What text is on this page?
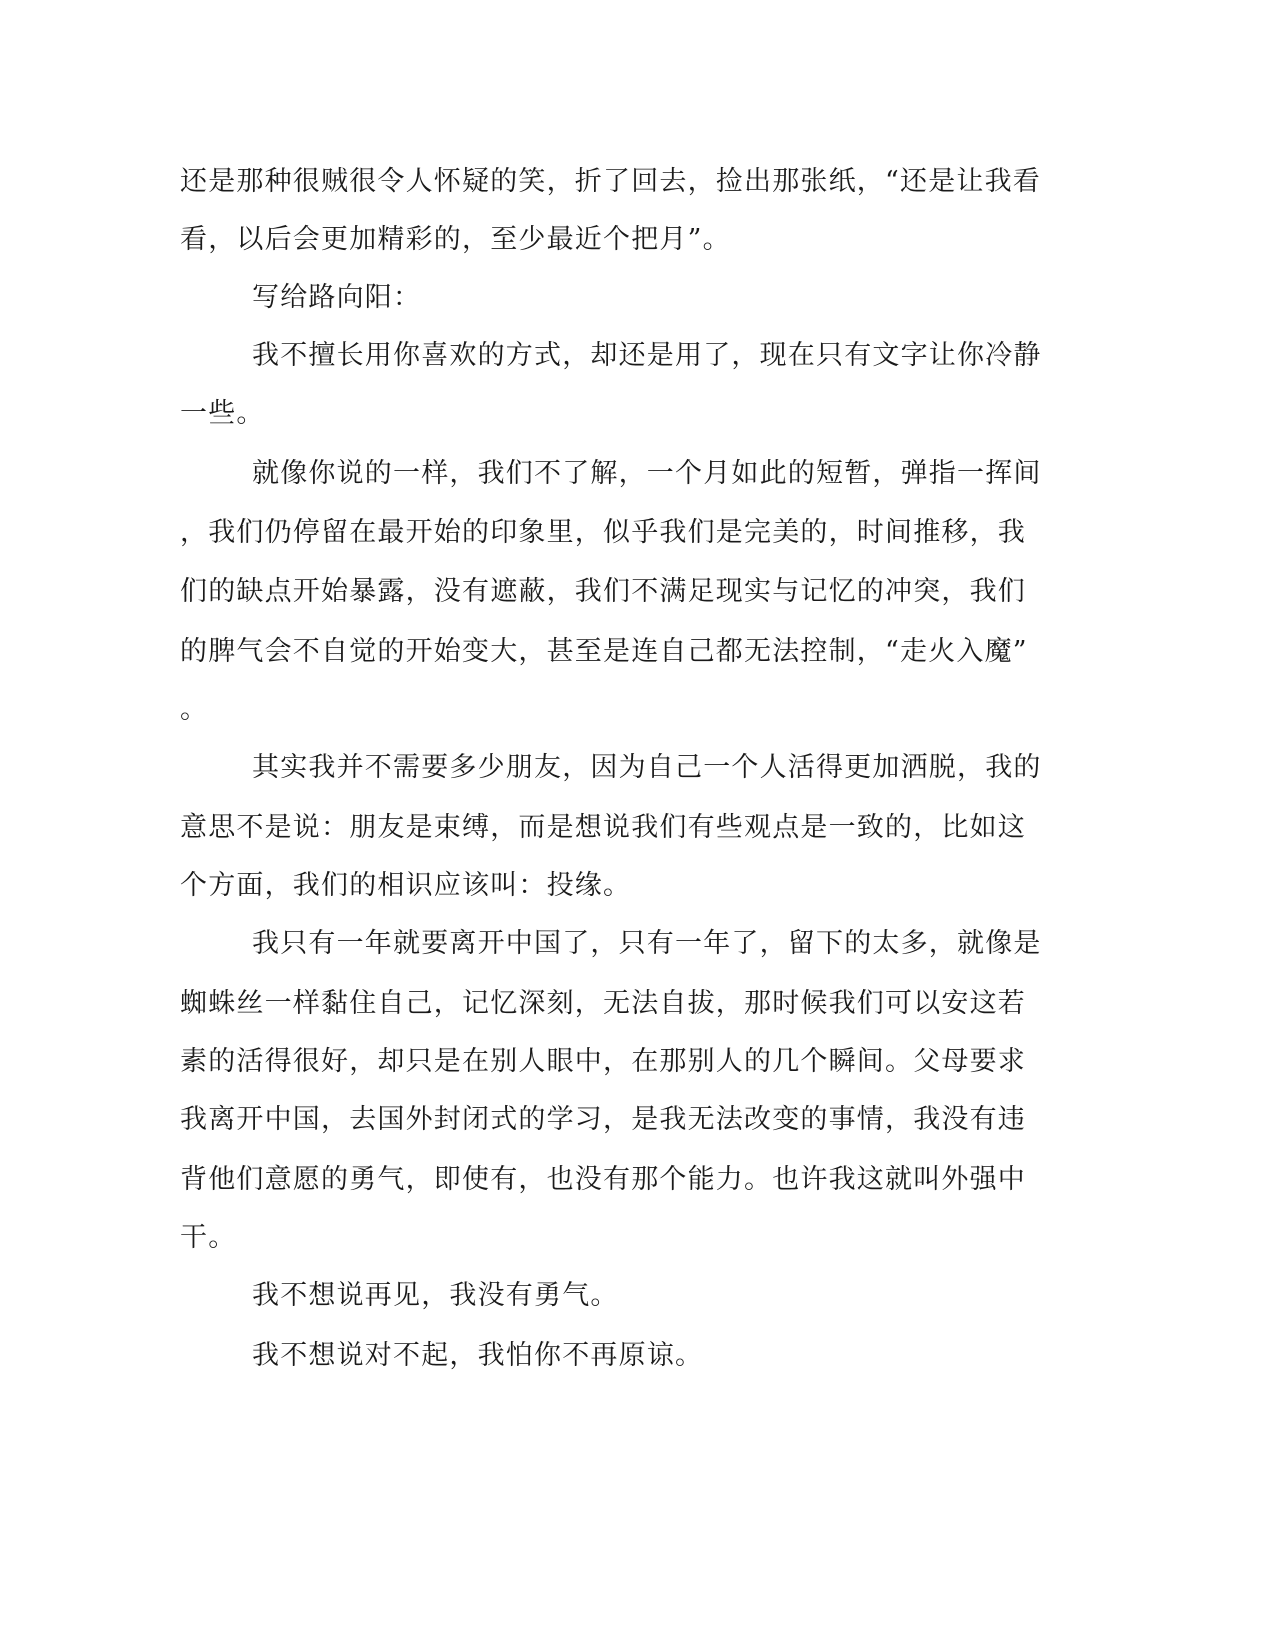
还是那种很贼很令人怀疑的笑，折了回去，捡出那张纸，“还是让我看
看，以后会更加精彩的，至少最近个把月”。
写给路向阳：
我不擅长用你喜欢的方式，却还是用了，现在只有文字让你冷静
一些。
就像你说的一样，我们不了解，一个月如此的短暂，弹指一挥间
，我们仍停留在最开始的印象里，似乎我们是完美的，时间推移，我
们的缺点开始暴露，没有遮蔽，我们不满足现实与记忆的冲突，我们
的脾气会不自觉的开始变大，甚至是连自己都无法控制，“走火入魔”
。
其实我并不需要多少朋友，因为自己一个人活得更加洒脱，我的
意思不是说：朋友是束缚，而是想说我们有些观点是一致的，比如这
个方面，我们的相识应该叫：投缘。
我只有一年就要离开中国了，只有一年了，留下的太多，就像是
蜘蛛丝一样黏住自己，记忆深刻，无法自拔，那时候我们可以安这若
素的活得很好，却只是在别人眼中，在那别人的几个瞬间。父母要求
我离开中国，去国外封闭式的学习，是我无法改变的事情，我没有违
背他们意愿的勇气，即使有，也没有那个能力。也许我这就叫外强中
干。
我不想说再见，我没有勇气。
我不想说对不起，我怕你不再原谅。
